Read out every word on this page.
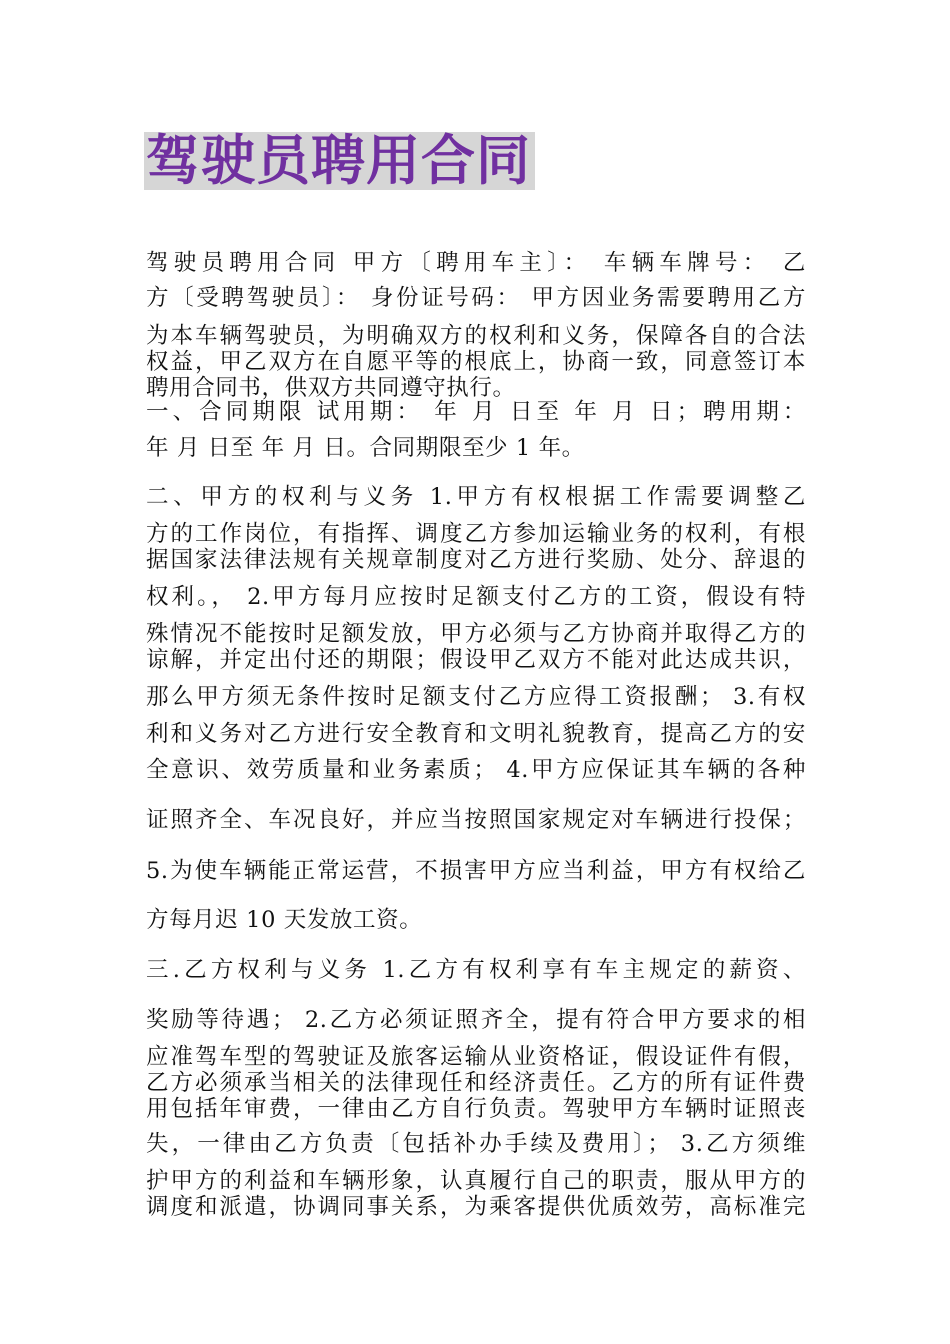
驾驶员聘用合同
驾驶员聘用合同 甲方〔聘用车主〕： 车辆车牌号： 乙
方〔受聘驾驶员〕： 身份证号码： 甲方因业务需要聘用乙方
为本车辆驾驶员，为明确双方的权利和义务，保障各自的合法
权益，甲乙双方在自愿平等的根底上，协商一致，同意签订本
聘用合同书，供双方共同遵守执行。
一、合同期限 试用期： 年 月 日至 年 月 日；聘用期：
年 月 日至 年 月 日。合同期限至少 1 年。
二、甲方的权利与义务 1.甲方有权根据工作需要调整乙
方的工作岗位，有指挥、调度乙方参加运输业务的权利，有根
据国家法律法规有关规章制度对乙方进行奖励、处分、辞退的
权利。， 2.甲方每月应按时足额支付乙方的工资，假设有特
殊情况不能按时足额发放，甲方必须与乙方协商并取得乙方的
谅解，并定出付还的期限；假设甲乙双方不能对此达成共识，
那么甲方须无条件按时足额支付乙方应得工资报酬； 3.有权
利和义务对乙方进行安全教育和文明礼貌教育，提高乙方的安
全意识、效劳质量和业务素质； 4.甲方应保证其车辆的各种
证照齐全、车况良好，并应当按照国家规定对车辆进行投保；
5.为使车辆能正常运营，不损害甲方应当利益，甲方有权给乙
方每月迟 10 天发放工资。
三.乙方权利与义务 1.乙方有权利享有车主规定的薪资、
奖励等待遇； 2.乙方必须证照齐全，提有符合甲方要求的相
应准驾车型的驾驶证及旅客运输从业资格证，假设证件有假，
乙方必须承当相关的法律现任和经济责任。乙方的所有证件费
用包括年审费，一律由乙方自行负责。驾驶甲方车辆时证照丧
失，一律由乙方负责〔包括补办手续及费用〕； 3.乙方须维
护甲方的利益和车辆形象，认真履行自己的职责，服从甲方的
调度和派遣，协调同事关系，为乘客提供优质效劳，高标准完
